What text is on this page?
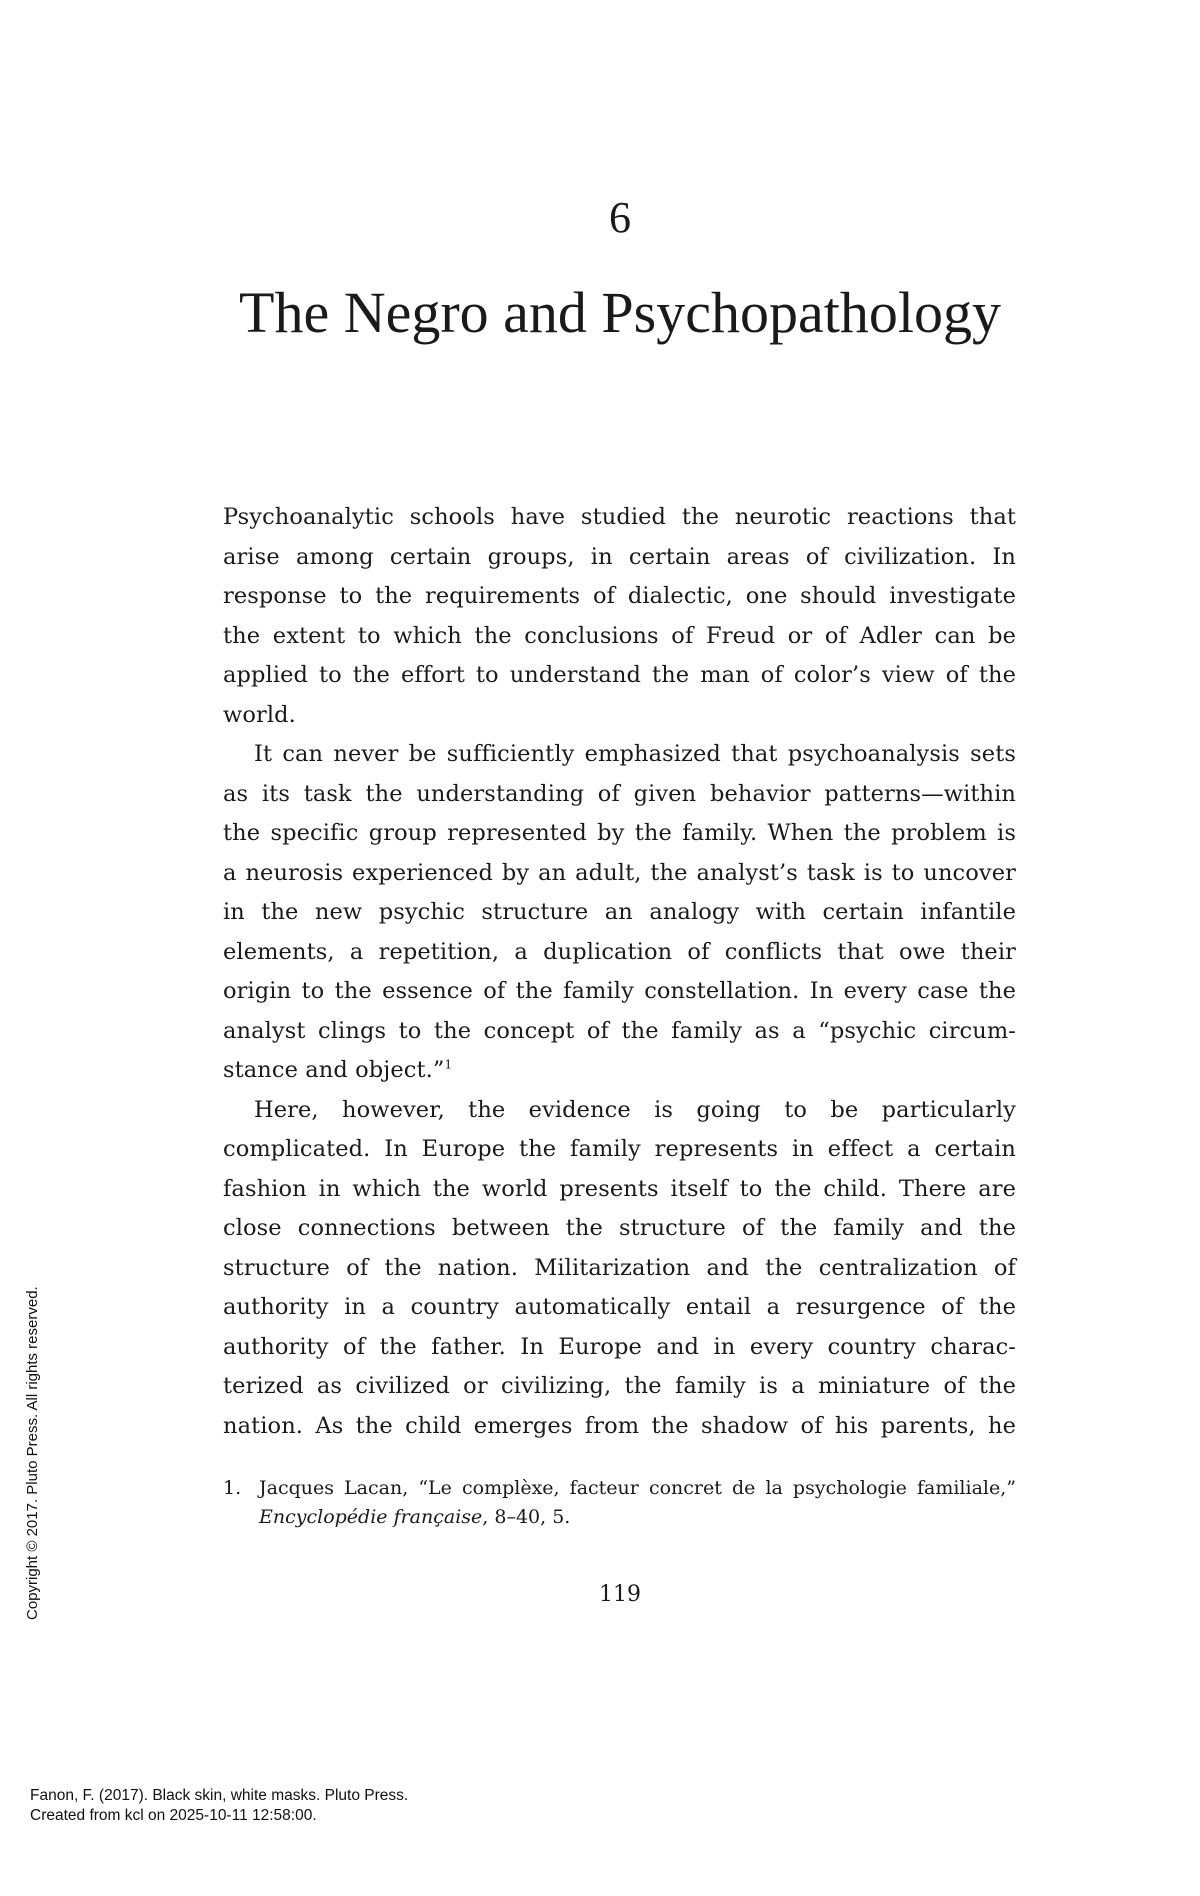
6
The Negro and Psychopathology
Psychoanalytic schools have studied the neurotic reactions that
arise among certain groups, in certain areas of civilization. In
response to the requirements of dialectic, one should investigate
the extent to which the conclusions of Freud or of Adler can be
applied to the effort to understand the man of color’s view of the
world.
It can never be sufficiently emphasized that psychoanalysis sets
as its task the understanding of given behavior patterns—within
the specific group represented by the family. When the problem is
a neurosis experienced by an adult, the analyst’s task is to uncover
in the new psychic structure an analogy with certain infantile
elements, a repetition, a duplication of conflicts that owe their
origin to the essence of the family constellation. In every case the
analyst clings to the concept of the family as a “psychic circum-
stance and object.”$^1$
Here, however, the evidence is going to be particularly
complicated. In Europe the family represents in effect a certain
fashion in which the world presents itself to the child. There are
close connections between the structure of the family and the
structure of the nation. Militarization and the centralization of
authority in a country automatically entail a resurgence of the
authority of the father. In Europe and in every country charac-
terized as civilized or civilizing, the family is a miniature of the
nation. As the child emerges from the shadow of his parents, he
1. Jacques Lacan, “Le complèxe, facteur concret de la psychologie familiale,”
Encyclopédie française, 8–40, 5.
119
Copyright © 2017. Pluto Press. All rights reserved.
Fanon, F. (2017). Black skin, white masks. Pluto Press.
Created from kcl on 2025-10-11 12:58:00.
